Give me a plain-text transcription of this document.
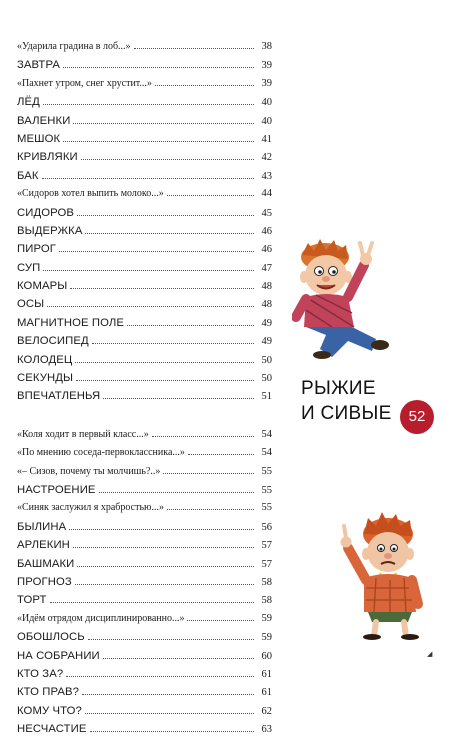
«Ударила градина в лоб...»	38
ЗАВТРА	39
«Пахнет утром, снег хрустит...»	39
ЛЁД	40
ВАЛЕНКИ	40
МЕШОК	41
КРИВЛЯКИ	42
БАК	43
«Сидоров хотел выпить молоко...»	44
СИДОРОВ	45
ВЫДЕРЖКА	46
ПИРОГ	46
СУП	47
КОМАРЫ	48
ОСЫ	48
МАГНИТНОЕ ПОЛЕ	49
ВЕЛОСИПЕД	49
КОЛОДЕЦ	50
СЕКУНДЫ	50
ВПЕЧАТЛЕНЬЯ	51
«Коля ходит в первый класс...»	54
«По мнению соседа-первоклассника...»	54
«– Сизов, почему ты молчишь?..»	55
НАСТРОЕНИЕ	55
«Синяк заслужил я храбростью...»	55
БЫЛИНА	56
АРЛЕКИН	57
БАШМАКИ	57
ПРОГНОЗ	58
ТОРТ	58
«Идём отрядом дисциплинированно...»	59
ОБОШЛОСЬ	59
НА СОБРАНИИ	60
КТО ЗА?	61
КТО ПРАВ?	61
КОМУ ЧТО?	62
НЕСЧАСТИЕ	63
РЫЖИЕ
И СИВЫЕ	52
◢
